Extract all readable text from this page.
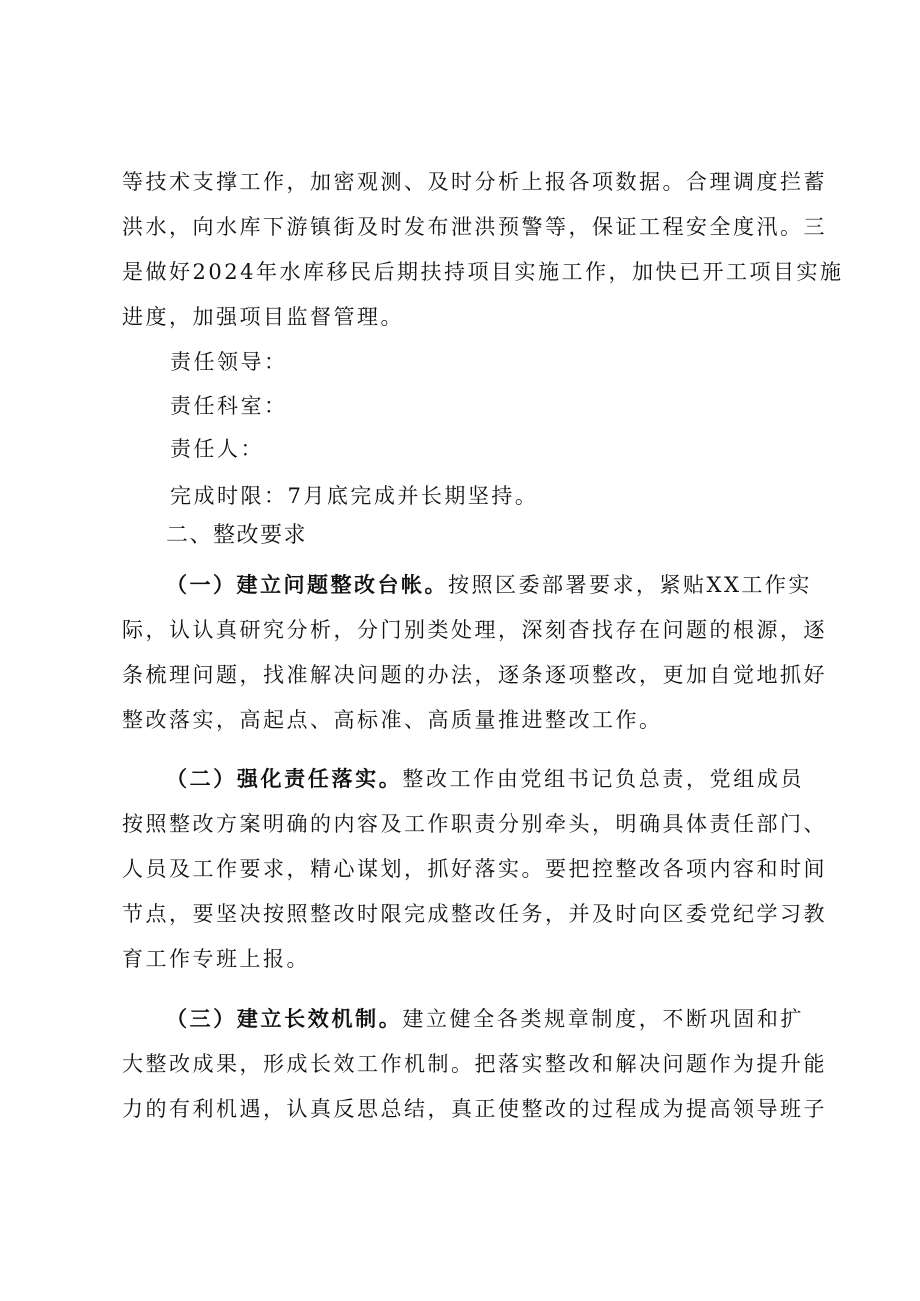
等技术支撑工作，加密观测、及时分析上报各项数据。合理调度拦蓄
洪水，向水库下游镇街及时发布泄洪预警等，保证工程安全度汛。三
是做好2024年水库移民后期扶持项目实施工作，加快已开工项目实施
进度，加强项目监督管理。
责任领导：
责任科室：
责任人：
完成时限：7月底完成并长期坚持。
二、整改要求
（一）建立问题整改台帐。按照区委部署要求，紧贴XX工作实
际，认认真研究分析，分门别类处理，深刻杳找存在问题的根源，逐
条梳理问题，找准解决问题的办法，逐条逐项整改，更加自觉地抓好
整改落实，高起点、高标准、高质量推进整改工作。
（二）强化责任落实。整改工作由党组书记负总责，党组成员
按照整改方案明确的内容及工作职责分别牵头，明确具体责任部门、
人员及工作要求，精心谋划，抓好落实。要把控整改各项内容和时间
节点，要坚决按照整改时限完成整改任务，并及时向区委党纪学习教
育工作专班上报。
（三）建立长效机制。建立健全各类规章制度，不断巩固和扩
大整改成果，形成长效工作机制。把落实整改和解决问题作为提升能
力的有利机遇，认真反思总结，真正使整改的过程成为提高领导班子
